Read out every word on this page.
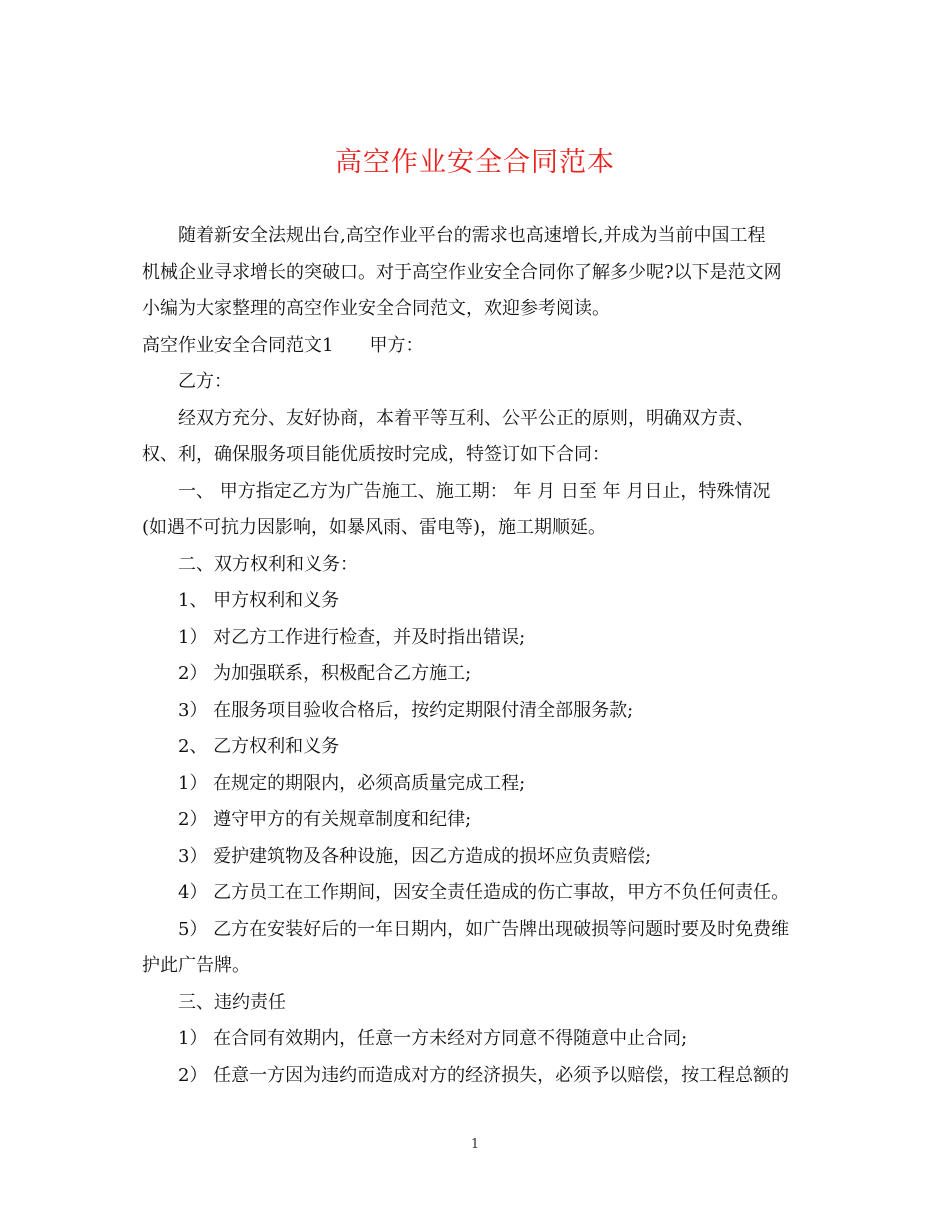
高空作业安全合同范本

随着新安全法规出台,高空作业平台的需求也高速增长,并成为当前中国工程

机械企业寻求增长的突破口。对于高空作业安全合同你了解多少呢?以下是范文网

小编为大家整理的高空作业安全合同范文，欢迎参考阅读。

高空作业安全合同范文1 甲方：

乙方：

经双方充分、友好协商，本着平等互利、公平公正的原则，明确双方责、

权、利，确保服务项目能优质按时完成，特签订如下合同：

一、 甲方指定乙方为广告施工、施工期： 年 月 日至 年 月日止，特殊情况

(如遇不可抗力因影响，如暴风雨、雷电等)，施工期顺延。

二、双方权利和义务：

1、 甲方权利和义务

1） 对乙方工作进行检查，并及时指出错误;

2） 为加强联系，积极配合乙方施工;

3） 在服务项目验收合格后，按约定期限付清全部服务款;

2、 乙方权利和义务

1） 在规定的期限内，必须高质量完成工程;

2） 遵守甲方的有关规章制度和纪律;

3） 爱护建筑物及各种设施，因乙方造成的损坏应负责赔偿;

4） 乙方员工在工作期间，因安全责任造成的伤亡事故，甲方不负任何责任。

5） 乙方在安装好后的一年日期内，如广告牌出现破损等问题时要及时免费维

护此广告牌。

三、违约责任

1） 在合同有效期内，任意一方未经对方同意不得随意中止合同;

2） 任意一方因为违约而造成对方的经济损失，必须予以赔偿，按工程总额的

1
